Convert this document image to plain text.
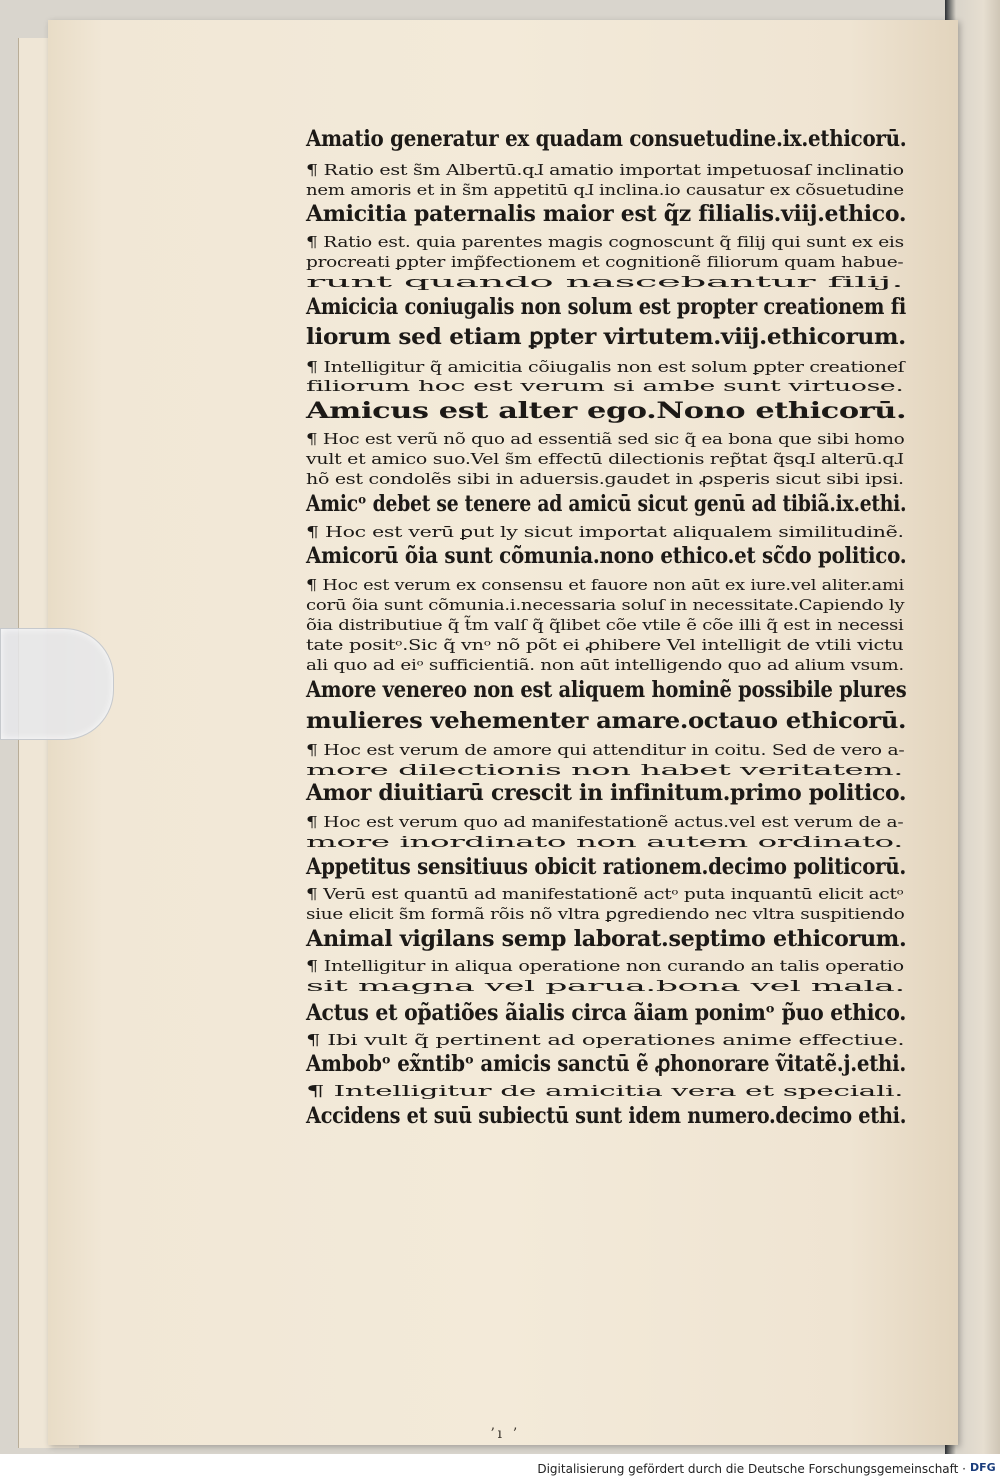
Amatio generatur ex quadam consuetudine.ix.ethicorū.
¶ Ratio est s̃m Albertū.qɺ amatio importat impetuosaſ inclinatio
nem amoris et in s̃m appetitū qɺ inclina.io causatur ex cõsuetudine
Amicitia paternalis maior est q̃z filialis.viij.ethico.
¶ Ratio est. quia parentes magis cognoscunt q̃ filij qui sunt ex eis
procreati ꝑpter imp̃fectionem et cognitionẽ filiorum quam habue-
runt quando nascebantur filij.
Amicicia coniugalis non solum est propter creationem fi
liorum sed etiam ꝑpter virtutem.viij.ethicorum.
¶ Intelligitur q̃ amicitia cõiugalis non est solum ꝑpter creationeſ
filiorum hoc est verum si ambe sunt virtuose.
Amicus est alter ego.Nono ethicorū.
¶ Hoc est verũ nõ quo ad essentiã sed sic q̃ ea bona que sibi homo
vult et amico suo.Vel s̃m effectū dilectionis rep̃tat q̃sqɺ alterū.qɺ
hõ est condolẽs sibi in aduersis.gaudet in ꝓsperis sicut sibi ipsi.
Amicᵒ debet se tenere ad amicū sicut genū ad tibiã.ix.ethi.
¶ Hoc est verū ꝑut ly sicut importat aliqualem similitudinẽ.
Amicorū õia sunt cõmunia.nono ethico.et sc̃do politico.
¶ Hoc est verum ex consensu et fauore non aūt ex iure.vel aliter.ami
corū õia sunt cõmunia.i.necessaria soluſ in necessitate.Capiendo ly
õia distributiue q̃ t̃m valſ q̃ q̃libet cõe vtile ẽ cõe illi q̃ est in necessi
tate positᵒ.Sic q̃ vnᵒ nõ põt ei ꝓhibere Vel intelligit de vtili victu
ali quo ad eiᵒ sufficientiã. non aūt intelligendo quo ad alium vsum.
Amore venereo non est aliquem hominẽ possibile plures
mulieres vehementer amare.octauo ethicorū.
¶ Hoc est verum de amore qui attenditur in coitu. Sed de vero a-
more dilectionis non habet veritatem.
Amor diuitiarū crescit in infinitum.primo politico.
¶ Hoc est verum quo ad manifestationẽ actus.vel est verum de a-
more inordinato non autem ordinato.
Appetitus sensitiuus obicit rationem.decimo politicorū.
¶ Verū est quantū ad manifestationẽ actᵒ puta inquantū elicit actᵒ
siue elicit s̃m formã rõis nõ vltra ꝑgrediendo nec vltra suspitiendo
Animal vigilans semp laborat.septimo ethicorum.
¶ Intelligitur in aliqua operatione non curando an talis operatio
sit magna vel parua.bona vel mala.
Actus et op̃atiões ãialis circa ãiam ponimᵒ p̃uo ethico.
¶ Ibi vult q̃ pertinent ad operationes anime effectiue.
Ambobᵒ ex̃ntibᵒ amicis sanctū ẽ ꝓhonorare ṽitatẽ.j.ethi.
¶ Intelligitur de amicitia vera et speciali.
Accidens et suū subiectū sunt idem numero.decimo ethi.
ʼı ʼ
Digitalisierung gefördert durch die Deutsche Forschungsgemeinschaft · DFG
